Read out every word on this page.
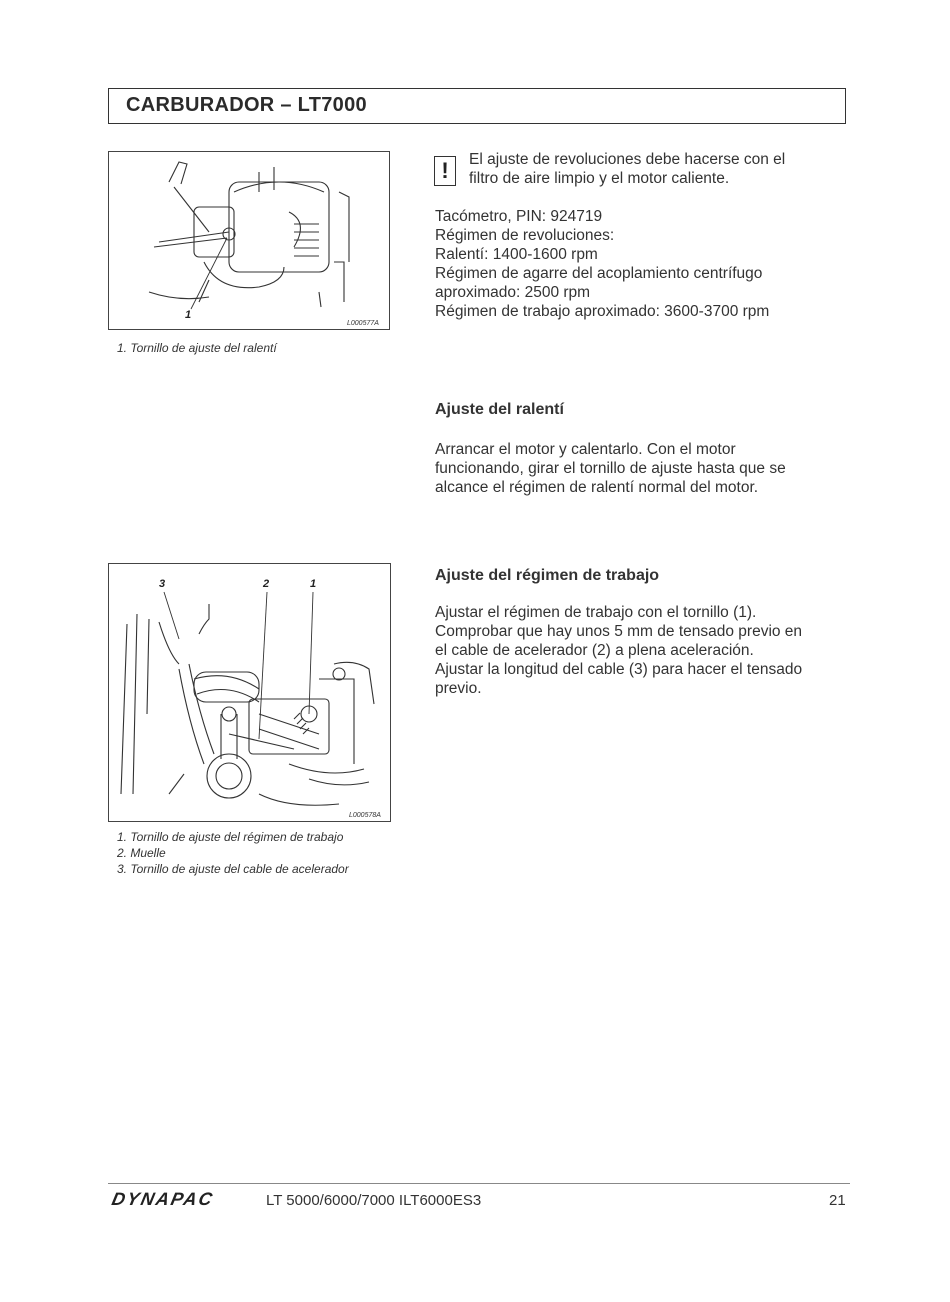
CARBURADOR – LT7000
1
L000577A
1. Tornillo de ajuste del ralentí
!	El ajuste de revoluciones debe hacerse con el
filtro de aire limpio y el motor caliente.
Tacómetro, PIN: 924719
Régimen de revoluciones:
Ralentí: 1400-1600 rpm
Régimen de agarre del acoplamiento centrífugo
aproximado: 2500 rpm
Régimen de trabajo aproximado: 3600-3700 rpm
Ajuste del ralentí
Arrancar el motor y calentarlo. Con el motor
funcionando, girar el tornillo de ajuste hasta que se
alcance el régimen de ralentí normal del motor.
3	2	1
L000578A
1. Tornillo de ajuste del régimen de trabajo
2. Muelle
3. Tornillo de ajuste del cable de acelerador
Ajuste del régimen de trabajo
Ajustar el régimen de trabajo con el tornillo (1).
Comprobar que hay unos 5 mm de tensado previo en
el cable de acelerador (2) a plena aceleración.
Ajustar la longitud del cable (3) para hacer el tensado
previo.
DYNAPAC	LT 5000/6000/7000 ILT6000ES3	21
